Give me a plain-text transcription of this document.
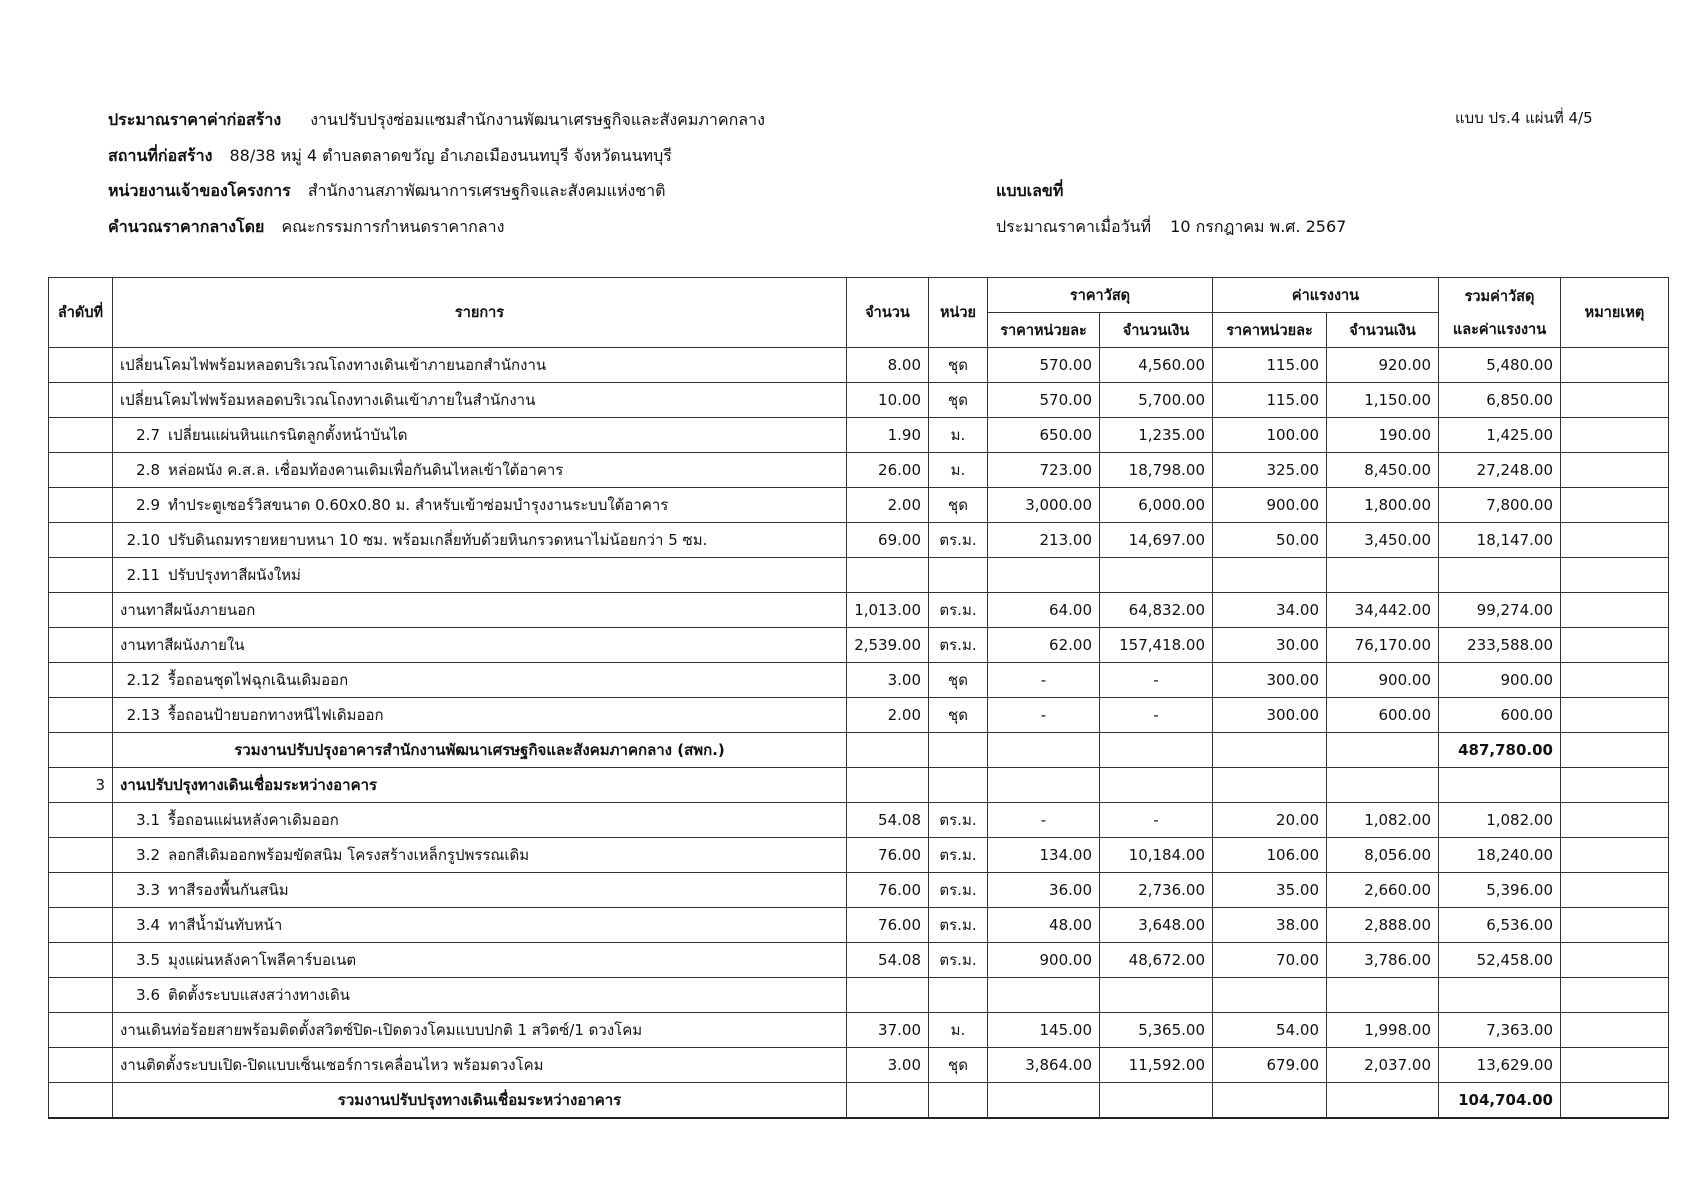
ประมาณราคาค่าก่อสร้าง งานปรับปรุงซ่อมแซมสำนักงานพัฒนาเศรษฐกิจและสังคมภาคกลาง	แบบ ปร.4 แผ่นที่ 4/5
สถานที่ก่อสร้าง 88/38 หมู่ 4 ตำบลตลาดขวัญ อำเภอเมืองนนทบุรี จังหวัดนนทบุรี
หน่วยงานเจ้าของโครงการ สำนักงานสภาพัฒนาการเศรษฐกิจและสังคมแห่งชาติ	แบบเลขที่
คำนวณราคากลางโดย คณะกรรมการกำหนดราคากลาง	ประมาณราคาเมื่อวันที่ 10 กรกฎาคม พ.ศ. 2567
ลำดับที่	รายการ	จำนวน	หน่วย	ราคาวัสดุ		ค่าแรงงาน		รวมค่าวัสดุ
และค่าแรงงาน	หมายเหตุ
				ราคาหน่วยละ	จำนวนเงิน	ราคาหน่วยละ	จำนวนเงิน		
	เปลี่ยนโคมไฟพร้อมหลอดบริเวณโถงทางเดินเข้าภายนอกสำนักงาน	8.00	ชุด	570.00	4,560.00	115.00	920.00	5,480.00	
	เปลี่ยนโคมไฟพร้อมหลอดบริเวณโถงทางเดินเข้าภายในสำนักงาน	10.00	ชุด	570.00	5,700.00	115.00	1,150.00	6,850.00	
	2.7 เปลี่ยนแผ่นหินแกรนิตลูกตั้งหน้าบันได	1.90	ม.	650.00	1,235.00	100.00	190.00	1,425.00	
	2.8 หล่อผนัง ค.ส.ล. เชื่อมท้องคานเดิมเพื่อกันดินไหลเข้าใต้อาคาร	26.00	ม.	723.00	18,798.00	325.00	8,450.00	27,248.00	
	2.9 ทำประตูเซอร์วิสขนาด 0.60x0.80 ม. สำหรับเข้าซ่อมบำรุงงานระบบใต้อาคาร	2.00	ชุด	3,000.00	6,000.00	900.00	1,800.00	7,800.00	
	2.10 ปรับดินถมทรายหยาบหนา 10 ซม. พร้อมเกลี่ยทับด้วยหินกรวดหนาไม่น้อยกว่า 5 ซม.	69.00	ตร.ม.	213.00	14,697.00	50.00	3,450.00	18,147.00	
	2.11 ปรับปรุงทาสีผนังใหม่								
	งานทาสีผนังภายนอก	1,013.00	ตร.ม.	64.00	64,832.00	34.00	34,442.00	99,274.00	
	งานทาสีผนังภายใน	2,539.00	ตร.ม.	62.00	157,418.00	30.00	76,170.00	233,588.00	
	2.12 รื้อถอนชุดไฟฉุกเฉินเดิมออก	3.00	ชุด	-	-	300.00	900.00	900.00	
	2.13 รื้อถอนป้ายบอกทางหนีไฟเดิมออก	2.00	ชุด	-	-	300.00	600.00	600.00	
	รวมงานปรับปรุงอาคารสำนักงานพัฒนาเศรษฐกิจและสังคมภาคกลาง (สพก.)							487,780.00	
3	งานปรับปรุงทางเดินเชื่อมระหว่างอาคาร								
	3.1 รื้อถอนแผ่นหลังคาเดิมออก	54.08	ตร.ม.	-	-	20.00	1,082.00	1,082.00	
	3.2 ลอกสีเดิมออกพร้อมขัดสนิม โครงสร้างเหล็กรูปพรรณเดิม	76.00	ตร.ม.	134.00	10,184.00	106.00	8,056.00	18,240.00	
	3.3 ทาสีรองพื้นกันสนิม	76.00	ตร.ม.	36.00	2,736.00	35.00	2,660.00	5,396.00	
	3.4 ทาสีน้ำมันทับหน้า	76.00	ตร.ม.	48.00	3,648.00	38.00	2,888.00	6,536.00	
	3.5 มุงแผ่นหลังคาโพลีคาร์บอเนต	54.08	ตร.ม.	900.00	48,672.00	70.00	3,786.00	52,458.00	
	3.6 ติดตั้งระบบแสงสว่างทางเดิน								
	งานเดินท่อร้อยสายพร้อมติดตั้งสวิตซ์ปิด-เปิดดวงโคมแบบปกติ 1 สวิตซ์/1 ดวงโคม	37.00	ม.	145.00	5,365.00	54.00	1,998.00	7,363.00	
	งานติดตั้งระบบเปิด-ปิดแบบเซ็นเซอร์การเคลื่อนไหว พร้อมดวงโคม	3.00	ชุด	3,864.00	11,592.00	679.00	2,037.00	13,629.00	
	รวมงานปรับปรุงทางเดินเชื่อมระหว่างอาคาร							104,704.00	
